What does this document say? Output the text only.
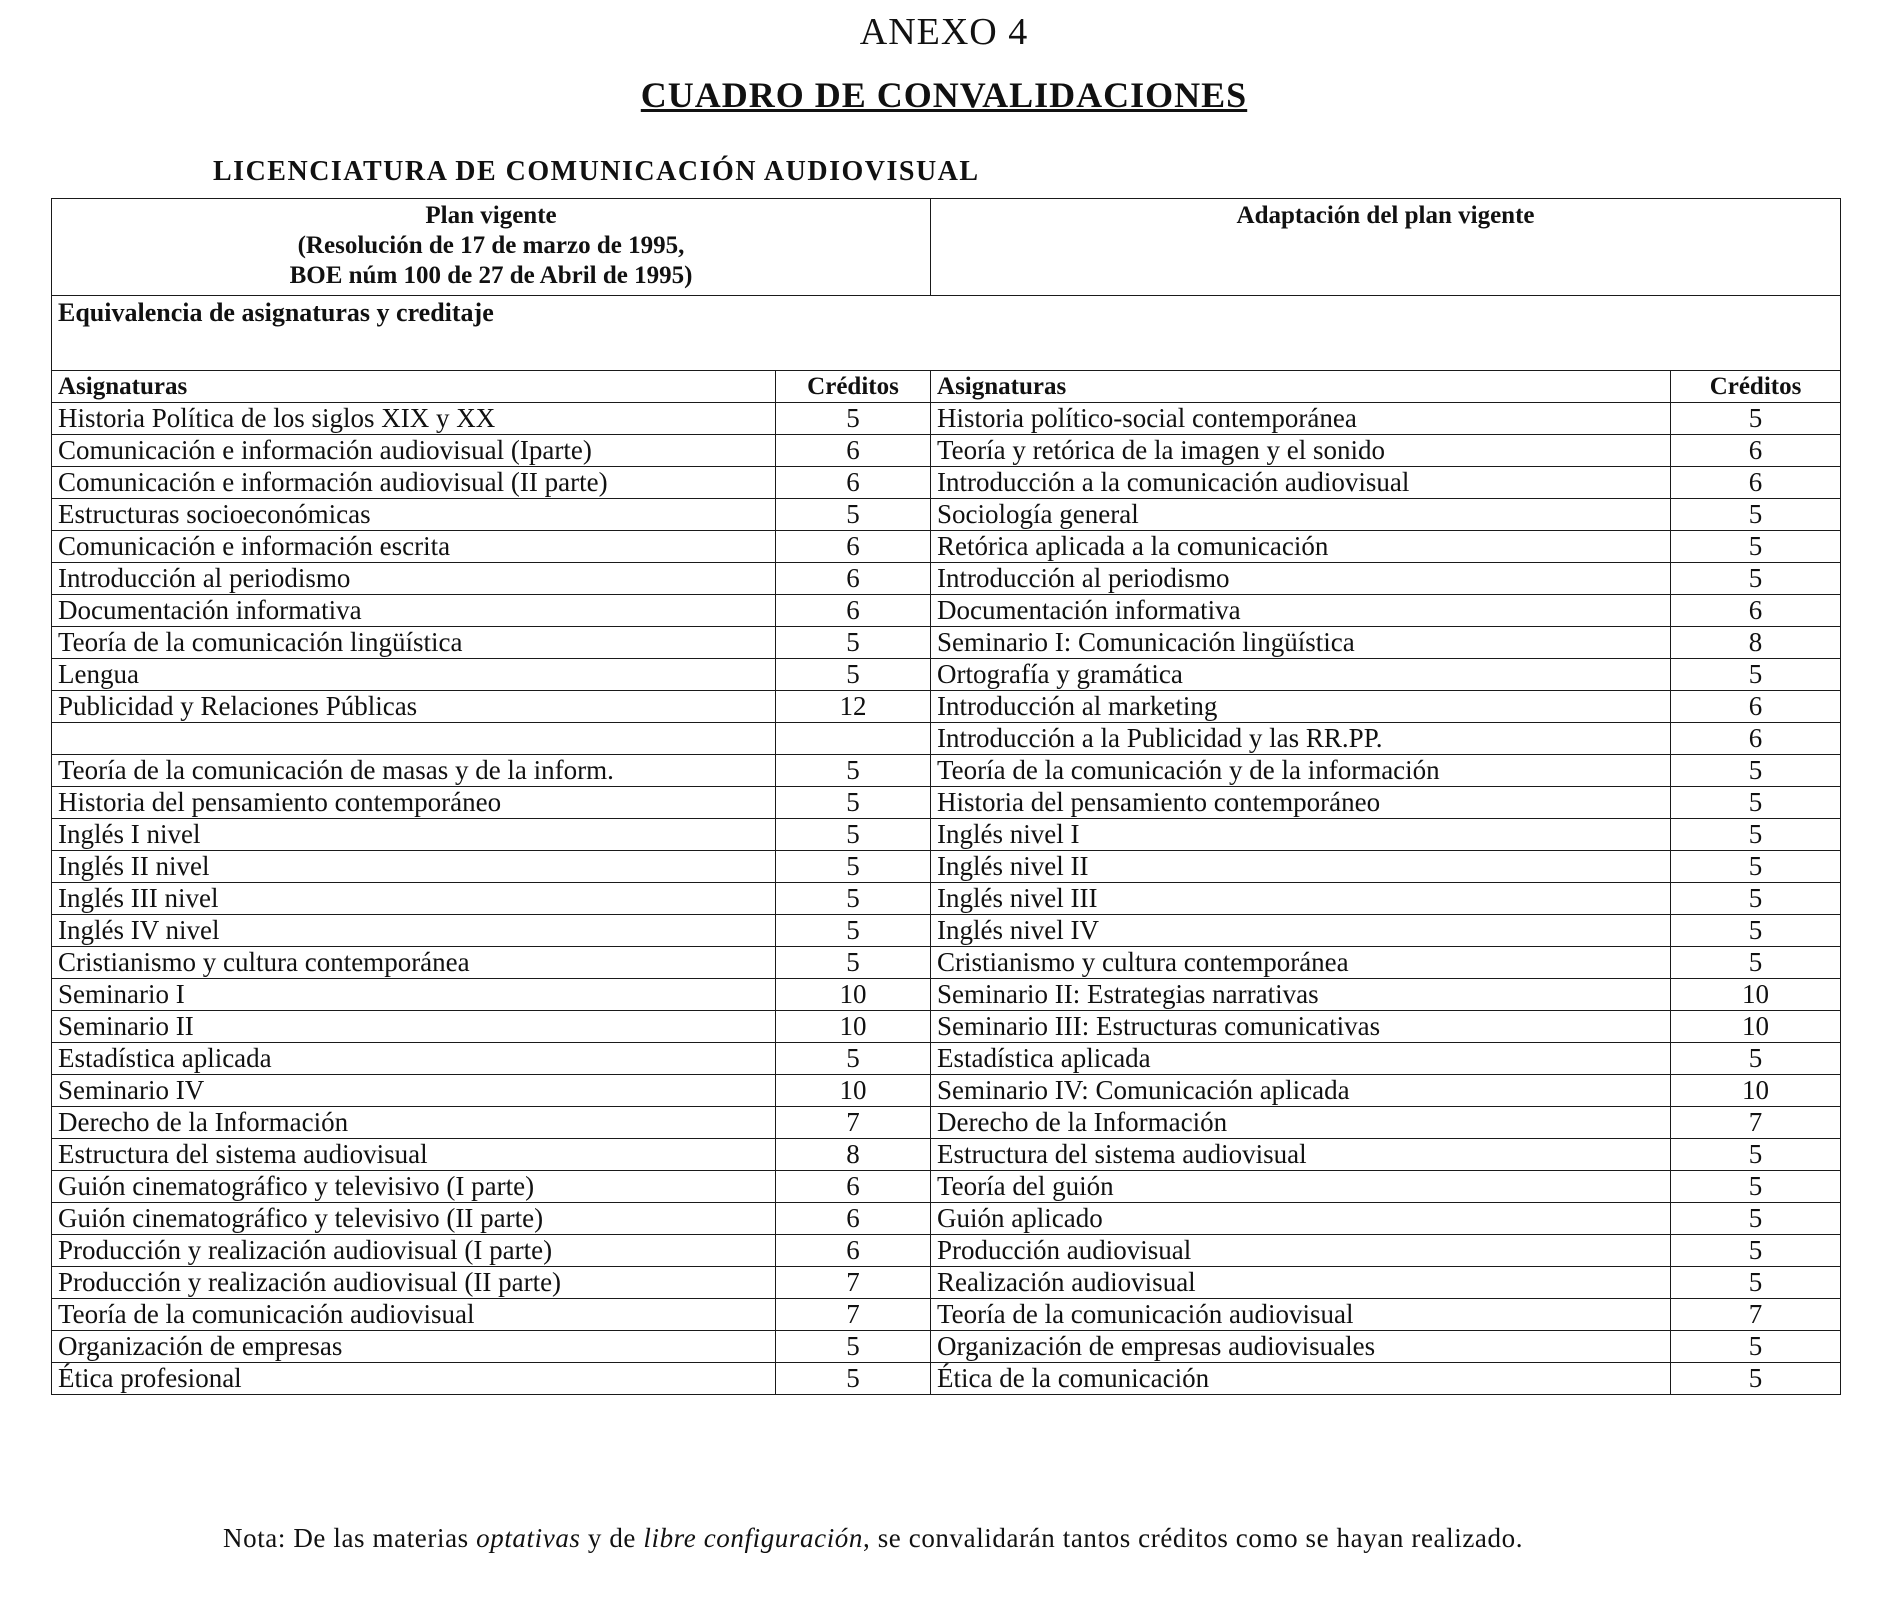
ANEXO 4
CUADRO DE CONVALIDACIONES
LICENCIATURA DE COMUNICACIÓN AUDIOVISUAL
Plan vigente
(Resolución de 17 de marzo de 1995,
BOE núm 100 de 27 de Abril de 1995)		Adaptación del plan vigente	
Equivalencia de asignaturas y creditaje			
Asignaturas	Créditos	Asignaturas	Créditos
Historia Política de los siglos XIX y XX	5	Historia político-social contemporánea	5
Comunicación e información audiovisual (Iparte)	6	Teoría y retórica de la imagen y el sonido	6
Comunicación e información audiovisual (II parte)	6	Introducción a la comunicación audiovisual	6
Estructuras socioeconómicas	5	Sociología general	5
Comunicación e información escrita	6	Retórica aplicada a la comunicación	5
Introducción al periodismo	6	Introducción al periodismo	5
Documentación informativa	6	Documentación informativa	6
Teoría de la comunicación lingüística	5	Seminario I: Comunicación lingüística	8
Lengua	5	Ortografía y gramática	5
Publicidad y Relaciones Públicas	12	Introducción al marketing	6
		Introducción a la Publicidad y las RR.PP.	6
Teoría de la comunicación de masas y de la inform.	5	Teoría de la comunicación y de la información	5
Historia del pensamiento contemporáneo	5	Historia del pensamiento contemporáneo	5
Inglés I nivel	5	Inglés nivel I	5
Inglés II nivel	5	Inglés nivel II	5
Inglés III nivel	5	Inglés nivel III	5
Inglés IV nivel	5	Inglés nivel IV	5
Cristianismo y cultura contemporánea	5	Cristianismo y cultura contemporánea	5
Seminario I	10	Seminario II: Estrategias narrativas	10
Seminario II	10	Seminario III: Estructuras comunicativas	10
Estadística aplicada	5	Estadística aplicada	5
Seminario IV	10	Seminario IV: Comunicación aplicada	10
Derecho de la Información	7	Derecho de la Información	7
Estructura del sistema audiovisual	8	Estructura del sistema audiovisual	5
Guión cinematográfico y televisivo (I parte)	6	Teoría del guión	5
Guión cinematográfico y televisivo (II parte)	6	Guión aplicado	5
Producción y realización audiovisual (I parte)	6	Producción audiovisual	5
Producción y realización audiovisual (II parte)	7	Realización audiovisual	5
Teoría de la comunicación audiovisual	7	Teoría de la comunicación audiovisual	7
Organización de empresas	5	Organización de empresas audiovisuales	5
Ética profesional	5	Ética de la comunicación	5
Nota: De las materias optativas y de libre configuración, se convalidarán tantos créditos como se hayan realizado.
